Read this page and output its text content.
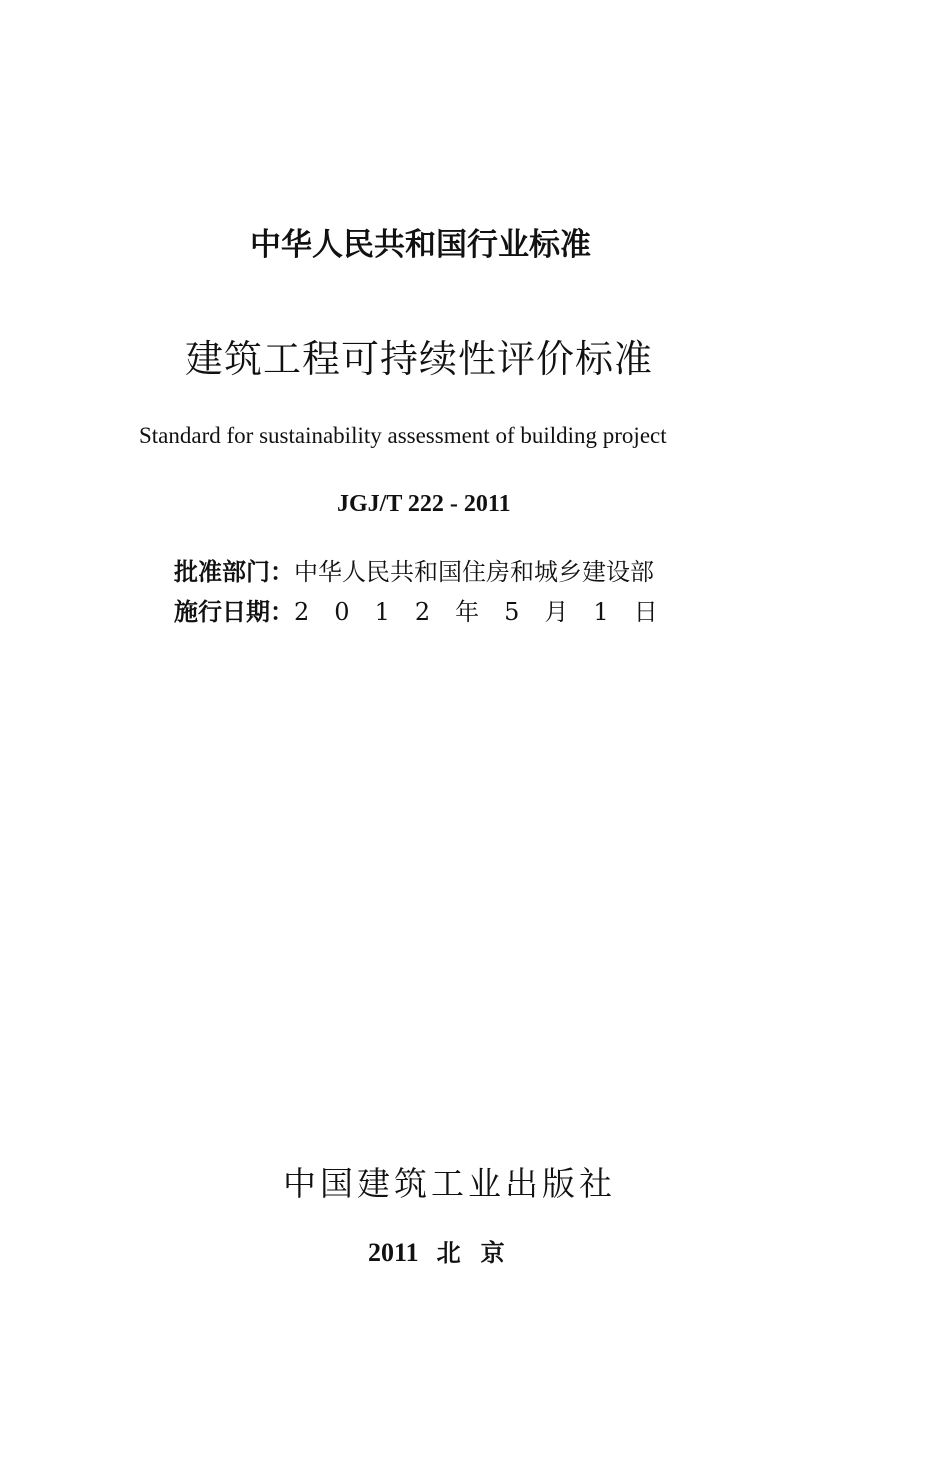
中华人民共和国行业标准
建筑工程可持续性评价标准
Standard for sustainability assessment of building project
JGJ/T 222 - 2011
批准部门：中华人民共和国住房和城乡建设部
施行日期：2 0 1 2 年 5 月 1 日
中国建筑工业出版社
2011 北京
